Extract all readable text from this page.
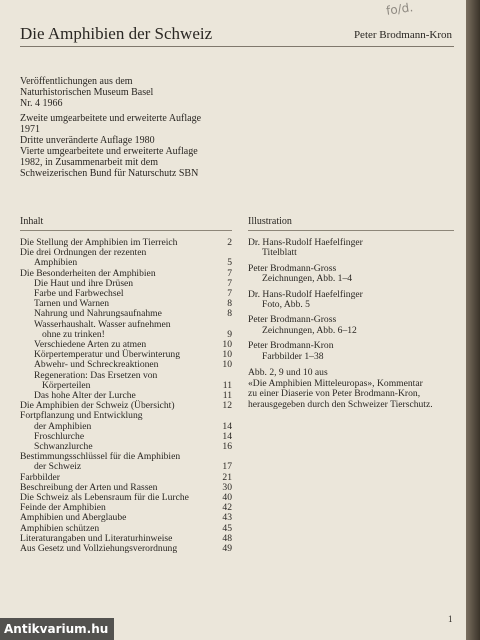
fo/d.
Die Amphibien der Schweiz	Peter Brodmann-Kron

Veröffentlichungen aus dem
Naturhistorischen Museum Basel
Nr. 4 1966

Zweite umgearbeitete und erweiterte Auflage
1971
Dritte unveränderte Auflage 1980
Vierte umgearbeitete und erweiterte Auflage
1982, in Zusammenarbeit mit dem
Schweizerischen Bund für Naturschutz SBN

Inhalt	Illustration
Die Stellung der Amphibien im Tierreich	2
Die drei Ordnungen der rezenten
Amphibien	5
Die Besonderheiten der Amphibien	7
Die Haut und ihre Drüsen	7
Farbe und Farbwechsel	7
Tarnen und Warnen	8
Nahrung und Nahrungsaufnahme	8
Wasserhaushalt. Wasser aufnehmen
ohne zu trinken!	9
Verschiedene Arten zu atmen	10
Körpertemperatur und Überwinterung	10
Abwehr- und Schreckreaktionen	10
Regeneration: Das Ersetzen von
Körperteilen	11
Das hohe Alter der Lurche	11
Die Amphibien der Schweiz (Übersicht)	12
Fortpflanzung und Entwicklung
der Amphibien	14
Froschlurche	14
Schwanzlurche	16
Bestimmungsschlüssel für die Amphibien
der Schweiz	17
Farbbilder	21
Beschreibung der Arten und Rassen	30
Die Schweiz als Lebensraum für die Lurche	40
Feinde der Amphibien	42
Amphibien und Aberglaube	43
Amphibien schützen	45
Literaturangaben und Literaturhinweise	48
Aus Gesetz und Vollziehungsverordnung	49
Dr. Hans-Rudolf Haefelfinger
Titelblatt
Peter Brodmann-Gross
Zeichnungen, Abb. 1–4
Dr. Hans-Rudolf Haefelfinger
Foto, Abb. 5
Peter Brodmann-Gross
Zeichnungen, Abb. 6–12
Peter Brodmann-Kron
Farbbilder 1–38
Abb. 2, 9 und 10 aus
«Die Amphibien Mitteleuropas», Kommentar
zu einer Diaserie von Peter Brodmann-Kron,
herausgegeben durch den Schweizer Tierschutz.
1
Antikvarium.hu
